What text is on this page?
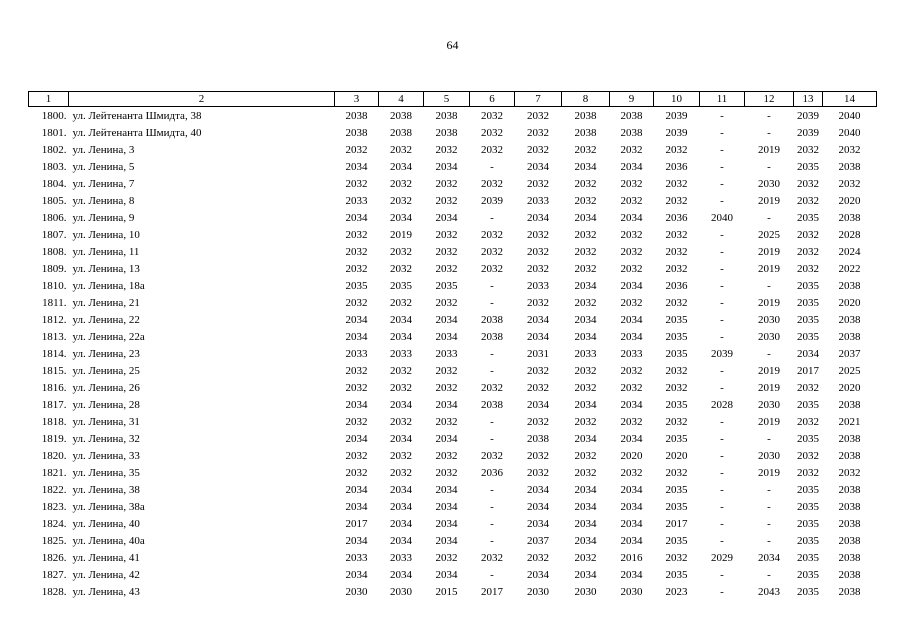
64
1	2	3	4	5	6	7	8	9	10	11	12	13	14
1800.	ул. Лейтенанта Шмидта, 38	2038	2038	2038	2032	2032	2038	2038	2039	-	-	2039	2040
1801.	ул. Лейтенанта Шмидта, 40	2038	2038	2038	2032	2032	2038	2038	2039	-	-	2039	2040
1802.	ул. Ленина, 3	2032	2032	2032	2032	2032	2032	2032	2032	-	2019	2032	2032
1803.	ул. Ленина, 5	2034	2034	2034	-	2034	2034	2034	2036	-	-	2035	2038
1804.	ул. Ленина, 7	2032	2032	2032	2032	2032	2032	2032	2032	-	2030	2032	2032
1805.	ул. Ленина, 8	2033	2032	2032	2039	2033	2032	2032	2032	-	2019	2032	2020
1806.	ул. Ленина, 9	2034	2034	2034	-	2034	2034	2034	2036	2040	-	2035	2038
1807.	ул. Ленина, 10	2032	2019	2032	2032	2032	2032	2032	2032	-	2025	2032	2028
1808.	ул. Ленина, 11	2032	2032	2032	2032	2032	2032	2032	2032	-	2019	2032	2024
1809.	ул. Ленина, 13	2032	2032	2032	2032	2032	2032	2032	2032	-	2019	2032	2022
1810.	ул. Ленина, 18а	2035	2035	2035	-	2033	2034	2034	2036	-	-	2035	2038
1811.	ул. Ленина, 21	2032	2032	2032	-	2032	2032	2032	2032	-	2019	2035	2020
1812.	ул. Ленина, 22	2034	2034	2034	2038	2034	2034	2034	2035	-	2030	2035	2038
1813.	ул. Ленина, 22а	2034	2034	2034	2038	2034	2034	2034	2035	-	2030	2035	2038
1814.	ул. Ленина, 23	2033	2033	2033	-	2031	2033	2033	2035	2039	-	2034	2037
1815.	ул. Ленина, 25	2032	2032	2032	-	2032	2032	2032	2032	-	2019	2017	2025
1816.	ул. Ленина, 26	2032	2032	2032	2032	2032	2032	2032	2032	-	2019	2032	2020
1817.	ул. Ленина, 28	2034	2034	2034	2038	2034	2034	2034	2035	2028	2030	2035	2038
1818.	ул. Ленина, 31	2032	2032	2032	-	2032	2032	2032	2032	-	2019	2032	2021
1819.	ул. Ленина, 32	2034	2034	2034	-	2038	2034	2034	2035	-	-	2035	2038
1820.	ул. Ленина, 33	2032	2032	2032	2032	2032	2032	2020	2020	-	2030	2032	2038
1821.	ул. Ленина, 35	2032	2032	2032	2036	2032	2032	2032	2032	-	2019	2032	2032
1822.	ул. Ленина, 38	2034	2034	2034	-	2034	2034	2034	2035	-	-	2035	2038
1823.	ул. Ленина, 38а	2034	2034	2034	-	2034	2034	2034	2035	-	-	2035	2038
1824.	ул. Ленина, 40	2017	2034	2034	-	2034	2034	2034	2017	-	-	2035	2038
1825.	ул. Ленина, 40а	2034	2034	2034	-	2037	2034	2034	2035	-	-	2035	2038
1826.	ул. Ленина, 41	2033	2033	2032	2032	2032	2032	2016	2032	2029	2034	2035	2038
1827.	ул. Ленина, 42	2034	2034	2034	-	2034	2034	2034	2035	-	-	2035	2038
1828.	ул. Ленина, 43	2030	2030	2015	2017	2030	2030	2030	2023	-	2043	2035	2038
